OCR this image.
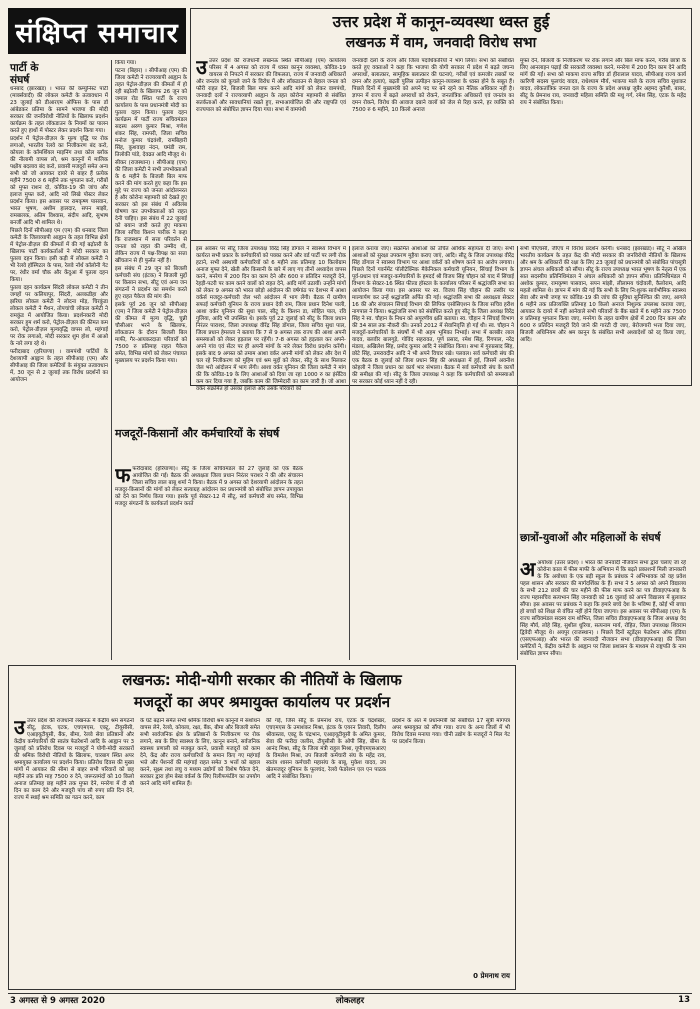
संक्षिप्त समाचार	उत्तर प्रदेश में कानून-व्यवस्था ध्वस्त हुई
लखनऊ में वाम, जनवादी विरोध सभा
उउत्तर प्रदेश की राजधानी लखनऊ स्थित सीपीआइ (एम) कार्यालय परिसर में 4 अगस्त को राज्य में ध्वस्त कानून व्यवस्था, कोविड-19 वायरस से निपटने में सरकार की विफलता, राज्य में जनवादी अधिकारों और जनतंत्र को कुचले जाने के विरोध में और लॉकडाउन से बेहाल जनता को फौरी राहत देने, बिजली बिल माफ करने आदि मांगों को लेकर वामपंथी, जनवादी दलों ने राज्यव्यापी आह्वान के तहत कोरोना महामारी से संबंधित सतर्कताओं और सावधानियां रखते हुए, सभाआयोजित की और राष्ट्रपति एवं राज्यपाल को संबोधित ज्ञापन दिया गया। सभा में वामपंथी
जनवादी दलों के राज्य और जिला पदाधिकारियों ने भाग लिया। सभा को संबोधित करते हुए वक्ताओं ने कहा कि भाजपा की योगी सरकार में प्रदेश में बढ़ते जघन्य अपराधों, बलात्कार, सामूहिक बलात्कार की घटनाएं, गरीबों एवं कमजोर तबकों पर दमन और हत्याएं, बढ़ती पुलिस उत्पीड़न कानून-व्यवस्था के ध्वस्त होने के सबूत हैं। पिछले दिनों में मुख्यमंत्री को अपने पद पर बने रहने का नैतिक अधिकार नहीं है। ज्ञापन में राज्य में बढ़ते अपराधों को रोकने, जनतांत्रिक अधिकारों एवं जनतंत्र का दमन रोकने, विरोध की आवाज दबाने वालों को जेल से रिहा करने, हर व्यक्ति को 7500 रु 6 महीने, 10 किलो अनाज
मुफ्त देने, बिजली के निजीकरण पर रोक लगाने और बिल माफ करने, गरीब छात्रों के लिए आनलाइन पढ़ाई की सरकारी व्यवस्था करने, मनरेगा में 200 दिन काम देने आदि मांगें की गईं। सभा को माकपा राज्य सचिव डॉ हीरालाल यादव, सीपीआइ राज्य कार्य कारिणी सदस्य फूलचंद यादव, राधेश्याम मौर्य, भाकपा माले के राज्य सचिव सुधाकर यादव, लोकतांत्रिक जनता दल के राज्य के प्रदेश अध्यक्ष जुबैर अहमद कुरैशी, बाबर, सीटू के प्रेमनाथ राय, जनवादी महिला समिति की मधु गर्ग, रमेश सिंह, एटक के महेंद्र राय ने संबोधित किया।
इस अवसर पर सीटू जिला उपाध्यक्ष विरेंद्र सिंह डोंगाल ने स्वास्थ्य विभाग में कार्यरत सभी प्रकार के कर्मचारियों को पक्का करने और वर्ड पार्टी पर लगी रोक हटाने, सभी अस्थायी कर्मचारियों को 6 महीने तक प्रतिमाह 10 किलोग्राम अनाज मुफ्त देने, खेती और किसानी के बारे में लाए गए तीनों अध्यादेश वापस करने, मनरेगा में 200 दिन का काम देने और 600 रु प्रतिदिन मजदूरी देने, रेहड़ी-पटरी पर काम करने वालों को राहत देने, आदि मांगें उठायीं। उन्होंने मांगों को लेकर 9 अगस्त को भारत छोड़ो आंदोलन की वर्षगांठ पर देशभर में आशा वर्कर्स मजदूर-कर्मचारी जेल भरो आंदोलन में भाग लेंगी। बैठक में ग्रामीण सफाई कर्मचारी यूनियन के राज्य प्रधान देवी राम, जिला प्रधान दिनेश पाली, आशा वर्कर यूनियन की सुधा पाल, सीटू के किशन डा, सोहित पाल, रवि गुलिया, आदि भी उपस्थित थे। इसके पूर्व 22 जुलाई को सीटू के जिला प्रधान निरंतर पाराशर, जिला उपाध्यक्ष वीरेंद्र सिंह डोंगाल, जिला सचिव सुधा पाल, जिला प्रधान हेमलता ने बताया कि 7 से 9 अगस्त तक राज्य की आशा अपनी समस्याओं को लेकर हड़ताल पर रहेंगी। 7-8 अगस्त को हड़ताल कर अपने-अपने गांव एवं सेंटर पर ही अपनी मांगों के नारे लेकर विरोध प्रदर्शन करेंगी। इसके बाद 9 अगस्त को तमाम आशा वर्कर अपनी मांगों को लेकर और देश में चल रहे निजीकरण को मुहिम एवं श्रम मुद्दों को लेकर, सीटू के साथ मिलकर जेल भरो आंदोलन में भाग लेंगी। आशा वर्कर यूनियन की जिला कमेटी ने मांग की कि कोविड-19 के लिए आशाओं को दिया जा रहा 1000 रु का इंसेंटिव कम कर दिया गया है, जबकि काम की जिम्मेदारी का काम जारी है। जो आशा वर्कर संक्रमित हो उसका इलाज और उसके परिवारों को
इलाज कराया जाए। संक्रमित आशाओं को उचित आर्थिक सहायता दी जाए। सभी आशाओं को सुरक्षा उपकरण मुहैया कराए जाएं, आदि। सीटू के जिला उपाध्यक्ष वीरेंद्र सिंह डोंगाल ने स्वास्थ्य विभाग पर आशा वर्करों को शोषण करने का आरोप लगाया। पिछले दिनों गवर्नमेंट पॉलीटेक्निक मैकेनिकल कर्मचारी यूनियन, सिंचाई विभाग के पूर्व-प्रधान एवं मजदूर-कर्मचारियों के हमदर्द श्री विजय सिंह चौहान को याद में सिंचाई विभाग के सेक्टर-16 स्थित फील्ड हॉस्टल के कार्यालय परिसर में श्रद्धांजलि सभा का आयोजन किया गया। इस अवसर पर स्व. विजय सिंह चौहान की तस्वीर पर माल्यार्पण कर उन्हें श्रद्धांजलि अर्पित की गई। श्रद्धांजलि सभा की अध्यक्षता सेक्टर 16 की और संचालन सिंचाई विभाग की लिपिक एसोसिएशन के जिला सचिव हरीश नागपाल ने किया। श्रद्धांजलि सभा को संबोधित करते हुए सीटू के जिला अध्यक्ष विरेंद्र सिंह ने स्व. चौहान के निधन को अपूरणीय क्षति बताया। स्व. चौहान ने सिंचाई विभाग की 34 साल तक नौकरी की। उनको 2012 में सेवानिवृत्ति हो गई थी। स्व. चौहान ने मजदूरों-कर्मचारियों के संघर्षों में भी अहम भूमिका निभाई। सभा में बलबीर लाल यादव, बलवीर बालगुड़े, गोविंद सहरावत, पूर्ण प्रसाद, रमेश सिंह, रिंगपाल, नरेंद्र मंडला, अखिलेश सिंह, प्रमोद कुमार आदि ने संबोधित किया। सभा में गुरुप्रसाद सिंह, छोटे सिंह, उमरावदीन आदि ने भी अपने विचार रखे। पलवल। सर्व कर्मचारी संघ की एक बैठक 8 जुलाई को जिला प्रधान सिंह की अध्यक्षता में हुई, जिसमें अवनीश कोहली ने जिला प्रधान का कार्य भार संभाला। बैठक में सर्व कर्मचारी संघ के कार्यों की समीक्षा की गई। सीटू के जिला उपाध्यक्ष ने कहा कि कर्मचारियों को समस्याओं पर सरकार कोई ध्यान नहीं दे रही।
सभी पीएचसी, जीएच में विरोध प्रदर्शन करेंगी। धनबाद (झारखंड)। सीटू ने अखिल भारतीय कार्यक्रम के तहत केंद्र की मोदी सरकार की जनविरोधी नीतियों के खिलाफ और श्रम के अधिकारों की रक्षा के लिए 23 जुलाई को प्रधानमंत्री को संबोधित पांचसूत्री ज्ञापन अंचल अधिकारी को सौंपा। सीटू के राज्य उपाध्यक्ष भारत भूषण के नेतृत्व में एक सात सदस्यीय प्रतिनिधिमंडल ने अंचल अधिकारी को ज्ञापन सौंपा। प्रतिनिधिमंडल में अशोक कुमार, रामकृष्ण पासवान, सपन मांझी, लीलामय चंदोवली, कैलोराम, आदि महतो शामिल थे। ज्ञापन में मांग की गई कि सभी के लिए नि:शुल्क सार्वभौमिक स्वास्थ्य सेवा और सभी जगह पर कोविड-19 की जांच की सुविधा सुनिश्चित की जाए, आगले 6 महीने तक प्रतिव्यक्ति प्रतिमाह 10 किलो अनाज निशुल्क उपलब्ध कराया जाए, आयकर के दायरे में नहीं आनेवाले सभी परिवारों के बैंक खाते में 6 महीने तक 7500 रु प्रतिमाह भुगतान किया जाए, मनरेगा के तहत ग्रामीण क्षेत्रों में 200 दिन काम और 600 रु प्रतिदिन मजदूरी दिये जाने की गारंटी दी जाए, बेरोजगारी भत्ता दिया जाए, बिजली अधिनियम और श्रम कानून के संबंधित सभी अध्यादेशों को रद्द किया जाए, आदि।
छात्रों-युवाओं और महिलाओं के संघर्ष
अअयोध्या (उत्तर प्रदेश) । भारत की जनवादी नौजवान सभा द्वारा चलाए जा रहे कोरोना काल में फीस माफी के अभियान में कि बढ़ते प्रकाशनों मिली जानकारी के कि अयोध्या के एक बड़ी स्कूल के प्रबंधक ने अभिभावक को वह प्रवेश पहल शासन और सरकार की मार्गदर्शिका के हैं। सभा ने 5 अगस्त को अपने विद्यालय के सभी 212 छात्रों की चार महीने की फीस माफ करने का पत्र डीवाइएफआइ के राज्य महासचिव सत्यभान सिंह जनवादी को 16 जुलाई को अपने विद्यालय में बुलाकर सौंपा। इस अवसर पर प्रबंधक ने कहा कि हमारे बच्चे देश के भविष्य हैं, कोई भी बच्चा हो बच्चों को शिक्षा से वंचित नहीं होने दिया जाएगा। इस अवसर पर सीपीआइ (एम) के राज्य सचिवमंडल सदस्य राम शोभित, जिला सचिव डीवाइएफआइ के जिला अध्यक्ष वेद सिंह मौर्य, लोहे सिंह, सुशील धुरिया, सत्यनाम मार्य, रोहित, जिला उपाध्यक्ष शिवराम द्विवेदी मौजूद थे। अयपुर (राजस्थान) । पिछले दिनों स्टूडेंट्स फेडरेशन ऑफ इंडिया (एसएफआइ) और भारत की जनवादी नौजवान सभा (डीवाइएफआइ) की जिला कमेटियों ने, केंद्रीय कमेटी के आह्वान पर जिला प्रशासन के माध्यम से राष्ट्रपति के नाम संबोधित ज्ञापन सौंपा।
पार्टी के संघर्ष

धनबाद (झारखंड) । भारत की कम्युनिस्ट पार्टी (मार्क्सवादी) की लोकल कमेटी के तत्वावधान में 23 जुलाई को डीआरएम ऑफिस के पास डॉ आंबेडकर प्रतिमा के सामने भाजपा की मोदी सरकार की जनविरोधी नीतियों के खिलाफ प्रदर्शन कार्यक्रम के तहत लॉकडाउन के नियमों का पालन करते हुए हाथों में पोस्टर लेकर प्रदर्शन किया गया।

प्रदर्शन में पेट्रोल-डीज़ल के मूल्य वृद्धि पर रोक लगाओ, भारतीय रेलवे का निजीकरण बंद करो, कोयला के कॉमर्शियल माइनिंग तथा कोल ब्लॉक की नीलामी वापस लो, श्रम कानूनों में मालिक पक्षीय बदलाव बंद करो, प्रवासी मजदूरों समेत अन्य सभी को जो आयकर दायरे से बाहर हैं प्रत्येक महीने 7500 रु 6 महीने तक भुगतान करो, गरीबों को मुफ्त राशन दो, कोविड-19 की जांच और इलाज मुफ्त करो, आदि नारे लिखे पोस्टर लेकर प्रदर्शन किया। इस अवसर पर रामकृष्ण पासवान, भारत भूषण, अशीम हालदार, सपन माझी, रामबालक, अतिम विश्वास, संदीप आदि, सुभाष बनर्जी आदि भी शामिल थे।

पिछले दिनों सीपीआइ एम (एम) की धनबाद जिला कमेटी के जिलाव्यापी आह्वान के तहत विभिन्न क्षेत्रों में पेट्रोल-डीज़ल की कीमतों में की गई बढ़ोतरी के खिलाफ पार्टी कार्यकर्ताओं ने मोदी सरकार का पुतला दहन किया। इसी कड़ी में लोकल कमेटी ने भी रेलवे हॉस्पिटल के पास, रेलवे नॉर्थ कॉलोनी गेट पर, रंधीर वर्मा चौक और केंदुआ में पुतला दहन किया।

पुतला दहन कार्यक्रम सिंदरी लोकल कमेटी ने तीन जगहों पर कलियापुर, सिंदरी, अलकडीहा और झरिया लोकल कमेटी ने लोदना मोड़, चिरकुंडा लोकल कमेटी ने मैथन, तोपचांची लोकल कमेटी ने रामकुंड में आयोजित किया। प्रदर्शनकारी मोदी सरकार हुम शर्म करो, पेट्रोल-डीज़ल की कीमत कम करो, पेट्रोल-डीज़ल मूल्यवृद्धि वापस लो, महंगाई पर रोक लगाओ, मोदी सरकार शुम होश में आओ के नारे लगा रहे थे।

फरीदाबाद (हरियाणा) । वामपंथी पार्टियों के देशव्यापी आह्वान के तहत सीपीआइ (एम) और सीपीआइ की जिला कमेटियों के संयुक्त तत्वावधान में, 30 जून से 2 जुलाई तक विरोध प्रदर्शनों का आयोजन

किया गया।

पटना (बिहार) । सीपीआइ (एम) की जिला कमेटी ने राज्यव्यापी आह्वान के तहत पेट्रोल-डीज़ल की कीमतों में हो रही बढ़ोतरी के खिलाफ 26 जून को जमाल रोड स्थित पार्टी के राज्य कार्यालय के पास प्रधानमंत्री मोदी का पुतला दहन किया। पुतला दहन कार्यक्रम में पार्टी राज्य सचिवमंडल सदस्य अरुण कुमार मिश्रा, गणेश शंकर सिंह, रामपरी, जिला सचिव मनोज कुमार चंद्रवंशी, रामबिहारी सिंह, कुशवाहा नंदन, घमंडी राम, तिलोकी पांडे, देवव्रत आदि मौजूद थे।

सीकर (राजस्थान) । सीपीआइ (एम) की जिला कमेटी ने सभी उपभोक्ताओं के 6 महीने के बिजली बिल माफ करने की मांग करते हुए कहा कि इस मुद्दे पर राज्य को जनता आंदोलनरत है और कोरोना महामारी को देखते हुए सरकार को इस संबंध में अविलंब घोषणा कर उपभोक्ताओं को राहत देनी चाहिए। इस संबंध में 22 जुलाई को बयान जारी करते हुए माकपा जिला सचिव किशन पारीक ने कहा कि राजस्थान में सत्ता परिवर्तन से जनता को राहत की उम्मीद थी, लेकिन राज्य में पक्ष-विपक्ष का सत्ता खींचतान से ही फुर्सत नहीं है।

इस संबंध में 29 जून को बिजली कर्मचारी संघ (इंटक) ने बिजली मुद्दों पर किसान सभा, सीटू एवं अन्य जन संगठनों ने प्रदर्शन का समर्थन करते हुए राहत पैकेज की मांग की।

इसके पूर्व 26 जून को सीपीआइ (एम) ने जिला कमेटी ने पेट्रोल-डीज़ल की कीमत में मूल्य वृद्धि, चुन्नी चौसीआर भरने के खिलाफ, लॉकडाउन के दौरान बिजली बिल माफी, गैर-आयकरदाता परिवारों को 7500 रु प्रतिमाह राहत पैकेज समेत, विभिन्न मांगों को लेकर पंचायत मुख्यालय पर प्रदर्शन किया गया।

मजदूरों-किसानों और कर्मचारियों के संघर्ष
फफरीदाबाद (हरियाणा)। सीटू के जिला सचिवमंडल की 27 जुलाई को एक बैठक आयोजित की गई। बैठक की अध्यक्षता जिला प्रधान निरंतर पराशर ने की और संचालन जिला सचिव लाल बाबू शर्मा ने किया। बैठक में 9 अगस्त को देशव्यापी आंदोलन के तहत मजदूर-किसानों की मांगों को लेकर सत्याग्रह आंदोलन कर प्रधानमंत्री को संबोधित ज्ञापन उपायुक्त को देने का निर्णय किया गया। इसके पूर्व सेक्टर-12 में सीटू, सर्व कर्मचारी संघ समेत, विभिन्न मजदूर संगठनों के कार्यकर्ता प्रदर्शन करते
लखनऊ: मोदी-योगी सरकार की नीतियों के खिलाफ
मजदूरों का अपर श्रमायुक्त कार्यालय पर प्रदर्शन
उउत्तर प्रदेश की राजधानी लखनऊ में केंद्रीय श्रम संगठनों सीटू, इंटक, एटक, एचएमएस, एक्टू, टीयूसीसी, एआइयूटीयूसी, बैंक, बीमा, रेलवे सेवा प्रतिष्ठानों और केंद्रीय कर्मचारियों की स्वतंत्र फेडरेशनों आदि के आह्वान पर 3 जुलाई को प्रतिरोध दिवस पर मजदूरों ने योगी-मोदी सरकारों की श्रमिक विरोधी नीतियों के खिलाफ, चारबाग स्थित अपर श्रमायुक्त कार्यालय पर प्रदर्शन किया। प्रतिरोध दिवस की मुख्य मांगों में आयकर की सीमा से बाहर सभी परिवारों को छह महीने तक प्रति माह 7500 रु देने, जरूरतमंदों को 10 किलो अनाज प्रतिमाह छह महीने तक मुफ्त देने, मनरेगा में दी सौ दिन का काम देने और मजदूरी पांच सौ रुपए प्रति दिन देने, राज्य में स्थाई श्रम समिति का गठन करने, काम
के घंटे बढ़ाने समेत सभी श्रमिक विरोधी श्रम कानूनों में संशोधन वापस लेने, रेलवे, कोयला, रक्षा, बैंक, बीमा और बिजली समेत सभी सार्वजनिक क्षेत्र के प्रतिष्ठानों के निजीकरण पर रोक लगाने, सब के लिए स्वास्थ्य के लिए, कानून बनाने, सर्वजनिक स्वास्थ्य प्रणाली को मजबूत करने, प्रवासी मजदूरों को काम देने, केंद्र और राज्य कर्मचारियों के समान किए गए महंगाई भत्ते और पेंशनरों की महंगाई राहत समेत 3 भत्तों को बहाल करने, सूक्ष्म तथा लघु व मध्यम उद्योगों को विशेष पैकेज देने, सरकार द्वारा होम बेस्ड वर्कर्स के लिए रिलीफफंडिंग का उपयोग करने आदि मांगें शामिल हैं।
की गई, जिसे सीटू के प्रेमनाथ राय, एटक के चंद्रशेखर, एचएमएस के उमाशंकर मिश्रा, इंटक के एयरन तिवारी, दिलीप श्रीवास्तव, एक्टू के चंद्रभान, एआइयूटीयूसी के अमित कुमार, सेवा की फरीदा जलीस, टीयूसीसी के ओपी सिंह, बीमा के आनंद मिश्रा, सीटू के जिला मंत्री राहुल मिश्रा, यूपीएमएसआरए के विमलेश मिश्रा, उप बिजली कर्मचारी संघ के महेंद्र राय, स्वतंत्र शासन कर्मचारी महासंघ के बाबू, मुकेश यादव, उप खेतमजदूर यूनियन के फूलचंद, रेलवे फेडरेशन एल एन पाठक आदि ने संबोधित किया।
प्रदर्शन के अंत में प्रधानमंत्री को संबोधित 17 सूत्री मांगपत्र अपर श्रमायुक्त को सौंपा गया। राज्य के अन्य जिलों में भी विरोध दिवस मनाया गया। चीनी उद्योग के मजदूरों ने मिल गेट पर प्रदर्शन किया।
0 प्रेमनाथ राय
3 अगस्त से 9 अगस्त 2020	लोकलहर	13
